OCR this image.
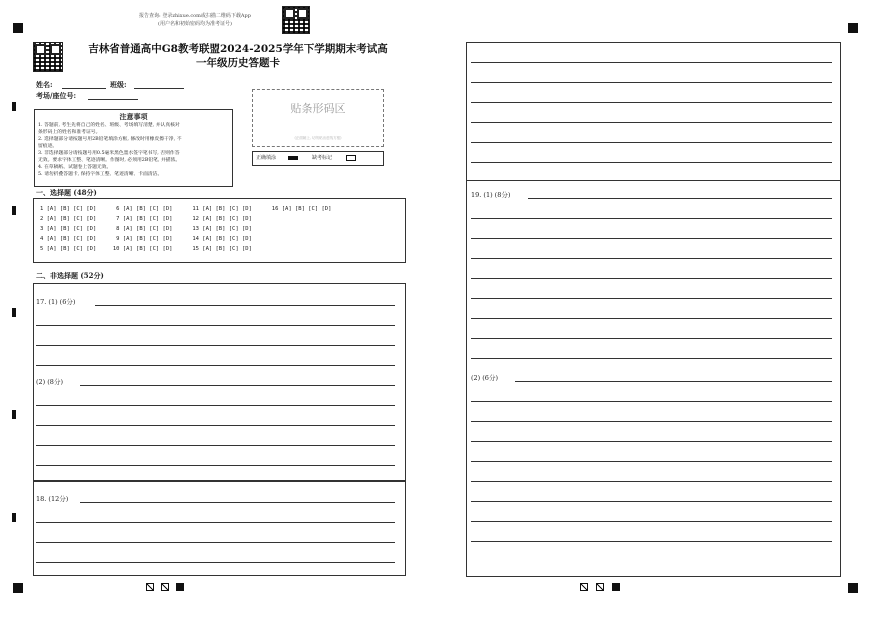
报告查询: 登录zhixue.com或扫描二维码下载App
(用户名和初始密码均为准考证号)
吉林省普通高中G8教考联盟2024-2025学年下学期期末考试高
一年级历史答题卡
姓名:	班级:
考场/座位号:
注意事项
1. 答题前, 考生先将自己的姓名、班级、考场填写清楚, 并认真核对
条形码上的姓名和准考证号。
2. 选择题部分请按题号用2B铅笔填涂方框, 修改时用橡皮擦干净, 不
留痕迹。
3. 非选择题部分请按题号用0.5毫米黑色墨水签字笔书写, 否则作答
无效。要求字体工整、笔迹清晰。作图时, 必须用2B铅笔, 并描浓。
4. 在草稿纸、试题卷上答题无效。
5. 请勿折叠答题卡, 保持字体工整、笔迹清晰、卡面清洁。
贴条形码区
(正面朝上, 切勿贴出虚线方框)
正确填涂	缺考标记
一、选择题 (48分)
1 [A] [B] [C] [D]      6 [A] [B] [C] [D]      11 [A] [B] [C] [D]      16 [A] [B] [C] [D]
2 [A] [B] [C] [D]      7 [A] [B] [C] [D]      12 [A] [B] [C] [D]
3 [A] [B] [C] [D]      8 [A] [B] [C] [D]      13 [A] [B] [C] [D]
4 [A] [B] [C] [D]      9 [A] [B] [C] [D]      14 [A] [B] [C] [D]
5 [A] [B] [C] [D]     10 [A] [B] [C] [D]      15 [A] [B] [C] [D]
二、非选择题 (52分)
17. (1) (6分)
(2) (8分)
18. (12分)
19. (1) (8分)
(2) (6分)
